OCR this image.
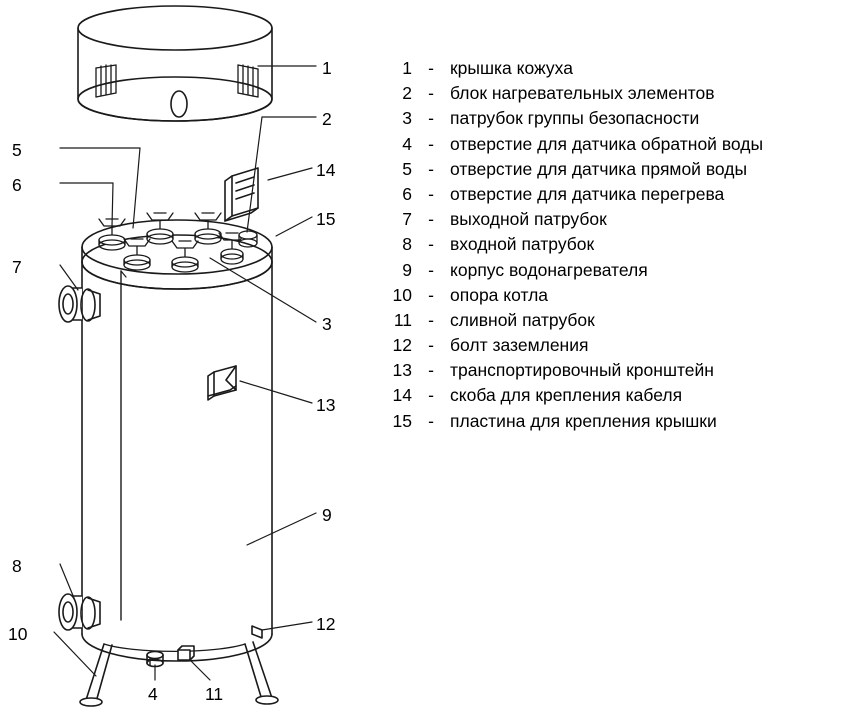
1
2
5
14
6
15
7
3
13
9
8
12
10
4	11
1 - крышка кожуха
2 - блок нагревательных элементов
3 - патрубок группы безопасности
4 - отверстие для датчика обратной воды
5 - отверстие для датчика прямой воды
6 - отверстие для датчика перегрева
7 - выходной патрубок
8 - входной патрубок
9 - корпус водонагревателя
10 - опора котла
11 - сливной патрубок
12 - болт заземления
13 - транспортировочный кронштейн
14 - скоба для крепления кабеля
15 - пластина для крепления крышки
